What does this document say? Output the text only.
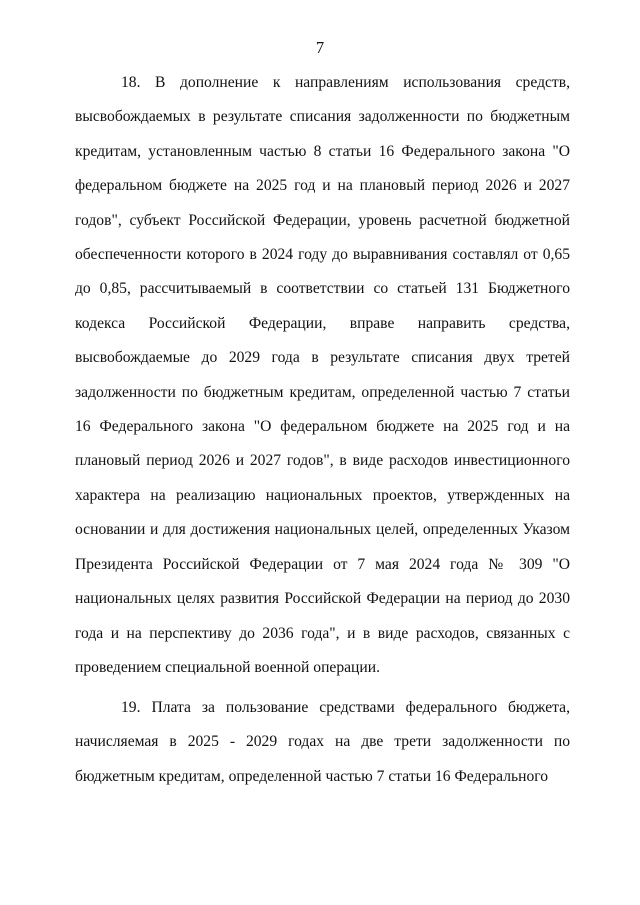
7

18. В дополнение к направлениям использования средств, высвобождаемых в результате списания задолженности по бюджетным кредитам, установленным частью 8 статьи 16 Федерального закона "О федеральном бюджете на 2025 год и на плановый период 2026 и 2027 годов", субъект Российской Федерации, уровень расчетной бюджетной обеспеченности которого в 2024 году до выравнивания составлял от 0,65 до 0,85, рассчитываемый в соответствии со статьей 131 Бюджетного кодекса Российской Федерации, вправе направить средства, высвобождаемые до 2029 года в результате списания двух третей задолженности по бюджетным кредитам, определенной частью 7 статьи 16 Федерального закона "О федеральном бюджете на 2025 год и на плановый период 2026 и 2027 годов", в виде расходов инвестиционного характера на реализацию национальных проектов, утвержденных на основании и для достижения национальных целей, определенных Указом Президента Российской Федерации от 7 мая 2024 года № 309 "О национальных целях развития Российской Федерации на период до 2030 года и на перспективу до 2036 года", и в виде расходов, связанных с проведением специальной военной операции.

19. Плата за пользование средствами федерального бюджета, начисляемая в 2025 - 2029 годах на две трети задолженности по бюджетным кредитам, определенной частью 7 статьи 16 Федерального
